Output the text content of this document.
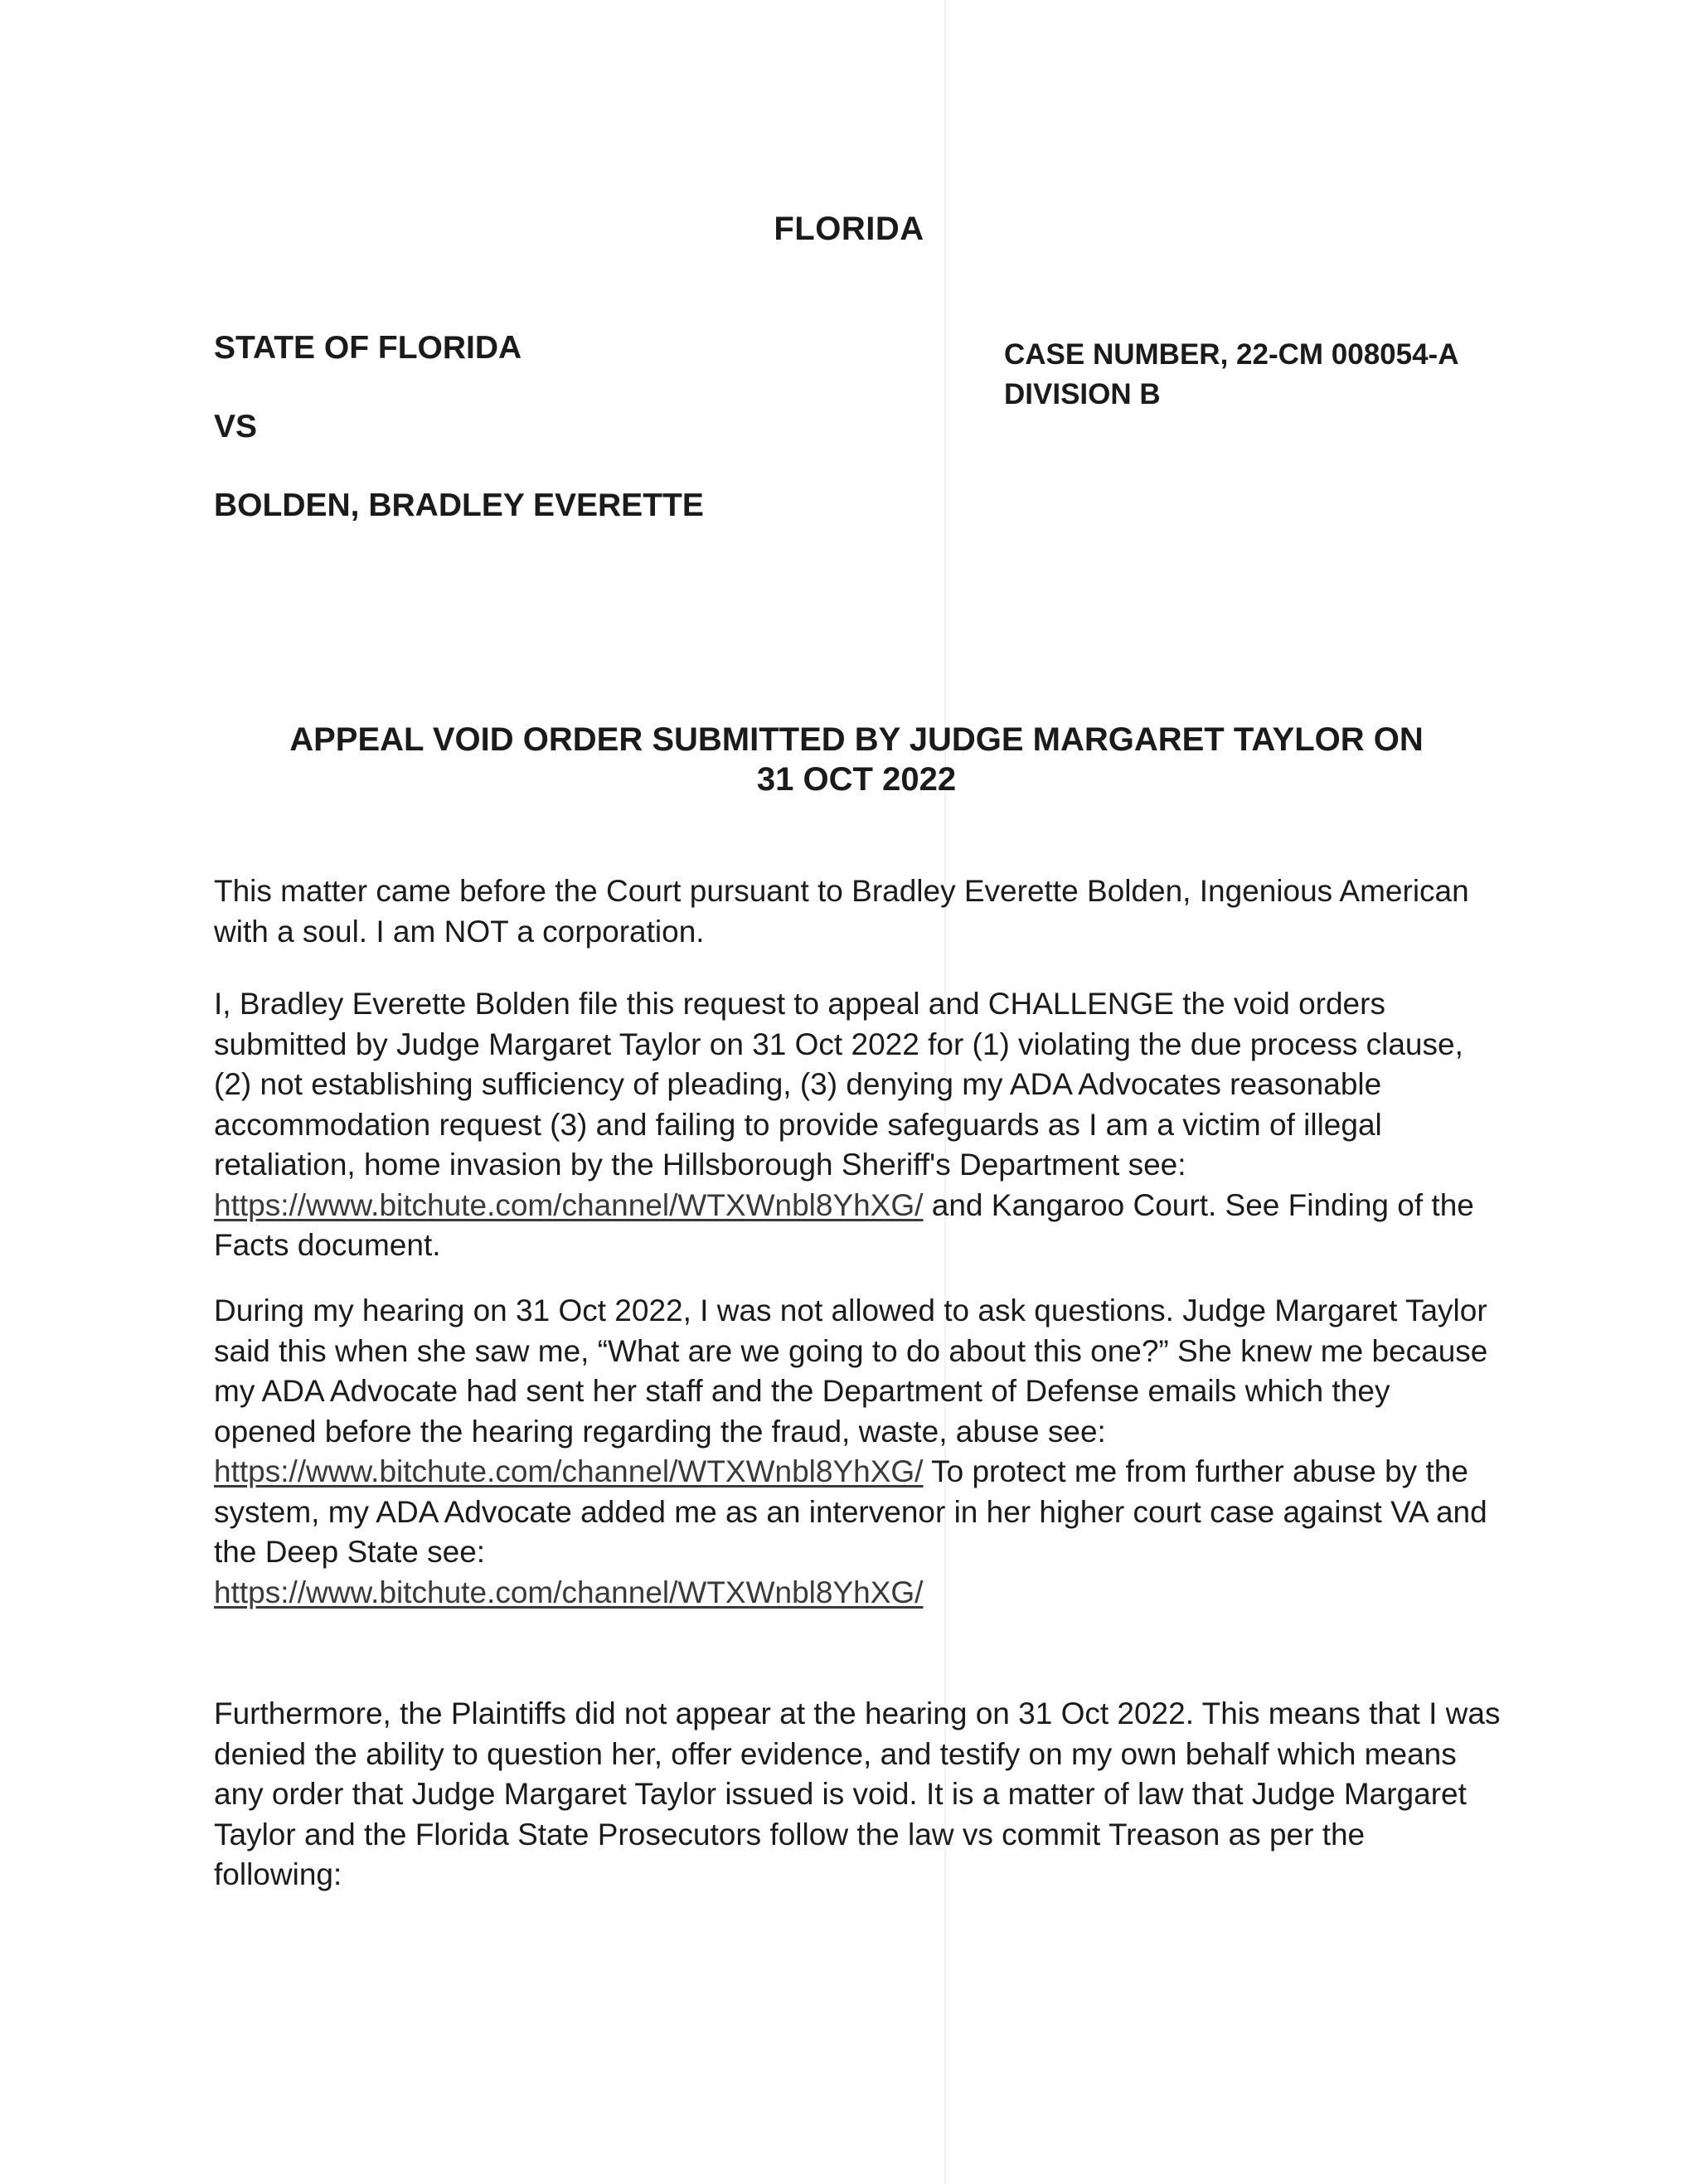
FLORIDA
STATE OF FLORIDA
VS
BOLDEN, BRADLEY EVERETTE
CASE NUMBER, 22-CM 008054-A
DIVISION B
APPEAL VOID ORDER SUBMITTED BY JUDGE MARGARET TAYLOR ON
31 OCT 2022
This matter came before the Court pursuant to Bradley Everette Bolden, Ingenious American with a soul. I am NOT a corporation.
I, Bradley Everette Bolden file this request to appeal and CHALLENGE the void orders submitted by Judge Margaret Taylor on 31 Oct 2022 for (1) violating the due process clause, (2) not establishing sufficiency of pleading, (3) denying my ADA Advocates reasonable accommodation request (3) and failing to provide safeguards as I am a victim of illegal retaliation, home invasion by the Hillsborough Sheriff's Department see: https://www.bitchute.com/channel/WTXWnbl8YhXG/ and Kangaroo Court. See Finding of the Facts document.
During my hearing on 31 Oct 2022, I was not allowed to ask questions. Judge Margaret Taylor said this when she saw me, “What are we going to do about this one?” She knew me because my ADA Advocate had sent her staff and the Department of Defense emails which they opened before the hearing regarding the fraud, waste, abuse see: https://www.bitchute.com/channel/WTXWnbl8YhXG/ To protect me from further abuse by the system, my ADA Advocate added me as an intervenor in her higher court case against VA and the Deep State see:
https://www.bitchute.com/channel/WTXWnbl8YhXG/
Furthermore, the Plaintiffs did not appear at the hearing on 31 Oct 2022. This means that I was denied the ability to question her, offer evidence, and testify on my own behalf which means any order that Judge Margaret Taylor issued is void. It is a matter of law that Judge Margaret Taylor and the Florida State Prosecutors follow the law vs commit Treason as per the following:
